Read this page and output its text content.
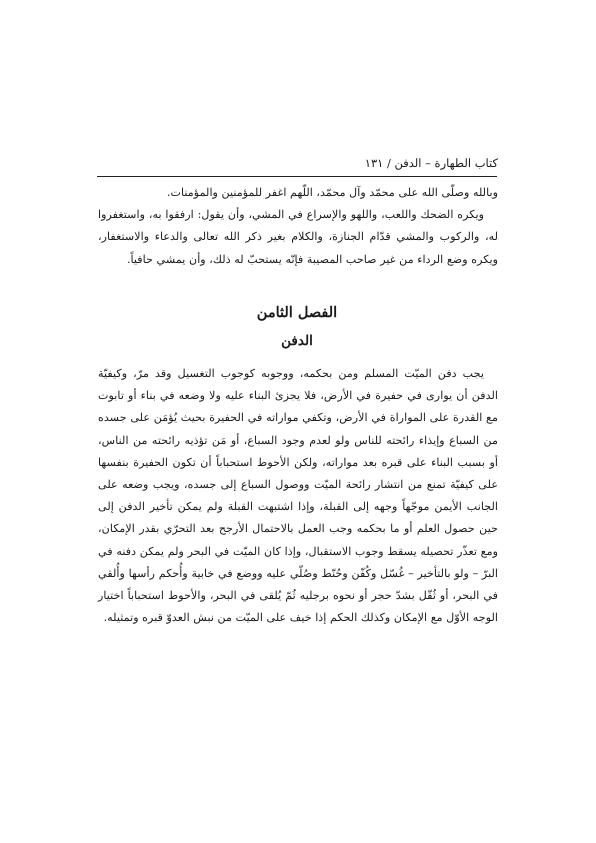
كتاب الطهارة – الدفن / ١٣١

وبالله وصلّى الله على محمّد وآل محمّد، اللّهم اغفر للمؤمنين والمؤمنات.

ويكره الضحك واللعب، واللهو والإسراع في المشي، وأن يقول: ارفقوا به، واستغفروا له، والركوب والمشي قدّام الجنازة، والكلام بغير ذكر الله تعالى والدعاء والاستغفار، ويكره وضع الرداء من غير صاحب المصيبة فإنّه يستحبّ له ذلك، وأن يمشي حافياً.

الفصل الثامن
الدفن

يجب دفن الميّت المسلم ومن بحكمه، ووجوبه كوجوب التغسيل وقد مرّ، وكيفيّة الدفن أن يواری في حفيرة في الأرض، فلا يجزئ البناء عليه ولا وضعه في بناء أو تابوت مع القدرة على المواراة في الأرض، وتكفي مواراته في الحفيرة بحيث يُؤمَن على جسده من السباع وإيذاء رائحته للناس ولو لعدم وجود السباع، أو مَن تؤذيه رائحته من الناس، أو بسبب البناء على قبره بعد مواراته، ولكن الأحوط استحباباً أن تكون الحفيرة بنفسها على كيفيّة تمنع من انتشار رائحة الميّت ووصول السباع إلى جسده، ويجب وضعه على الجانب الأيمن موجّهاً وجهه إلى القبلة، وإذا اشتبهت القبلة ولم يمكن تأخير الدفن إلى حين حصول العلم أو ما بحكمه وجب العمل بالاحتمال الأرجح بعد التحرّي بقدر الإمكان، ومع تعذّر تحصيله يسقط وجوب الاستقبال، وإذا كان الميّت في البحر ولم يمكن دفنه في البرّ – ولو بالتأخير – غُسّل وكُفّن وحُنّط وصُلّي عليه ووضع في خابية وأُحكم رأسها وأُلقي في البحر، أو ثُقّل بشدّ حجر أو نحوه برجليه ثُمّ يُلقى في البحر، والأحوط استحباباً اختيار الوجه الأوّل مع الإمكان وكذلك الحكم إذا خيف على الميّت من نبش العدوّ قبره وتمثيله.
